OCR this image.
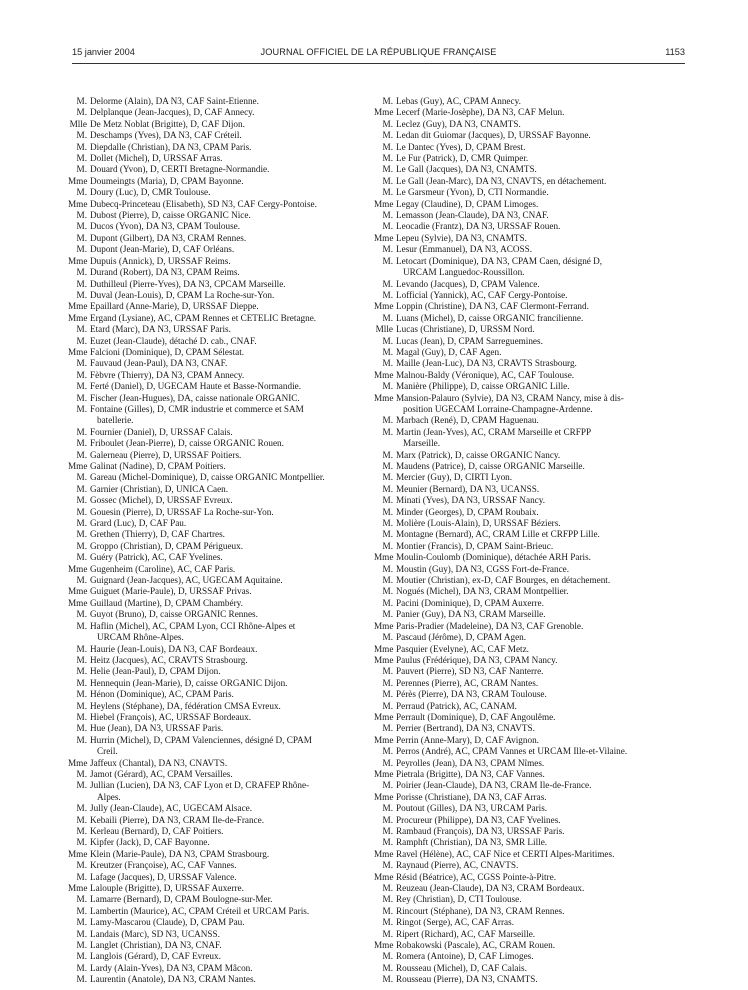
15 janvier 2004	JOURNAL OFFICIEL DE LA RÉPUBLIQUE FRANÇAISE	1153
M. Delorme (Alain), DA N3, CAF Saint-Etienne.
M. Delplanque (Jean-Jacques), D, CAF Annecy.
Mlle De Metz Noblat (Brigitte), D, CAF Dijon.
M. Deschamps (Yves), DA N3, CAF Créteil.
M. Diepdalle (Christian), DA N3, CPAM Paris.
M. Dollet (Michel), D, URSSAF Arras.
M. Douard (Yvon), D, CERTI Bretagne-Normandie.
Mme Doumeingts (Maria), D, CPAM Bayonne.
M. Doury (Luc), D, CMR Toulouse.
Mme Dubecq-Princeteau (Elisabeth), SD N3, CAF Cergy-Pontoise.
M. Dubost (Pierre), D, caisse ORGANIC Nice.
M. Ducos (Yvon), DA N3, CPAM Toulouse.
M. Dupont (Gilbert), DA N3, CRAM Rennes.
M. Dupont (Jean-Marie), D, CAF Orléans.
Mme Dupuis (Annick), D, URSSAF Reims.
M. Durand (Robert), DA N3, CPAM Reims.
M. Duthilleul (Pierre-Yves), DA N3, CPCAM Marseille.
M. Duval (Jean-Louis), D, CPAM La Roche-sur-Yon.
Mme Epaillard (Anne-Marie), D, URSSAF Dieppe.
Mme Ergand (Lysiane), AC, CPAM Rennes et CETELIC Bretagne.
M. Etard (Marc), DA N3, URSSAF Paris.
M. Euzet (Jean-Claude), détaché D. cab., CNAF.
Mme Falcioni (Dominique), D, CPAM Sélestat.
M. Fauvaud (Jean-Paul), DA N3, CNAF.
M. Fèbvre (Thierry), DA N3, CPAM Annecy.
M. Ferté (Daniel), D, UGECAM Haute et Basse-Normandie.
M. Fischer (Jean-Hugues), DA, caisse nationale ORGANIC.
M. Fontaine (Gilles), D, CMR industrie et commerce et SAM
batellerie.
M. Fournier (Daniel), D, URSSAF Calais.
M. Friboulet (Jean-Pierre), D, caisse ORGANIC Rouen.
M. Galerneau (Pierre), D, URSSAF Poitiers.
Mme Galinat (Nadine), D, CPAM Poitiers.
M. Gareau (Michel-Dominique), D, caisse ORGANIC Montpellier.
M. Garnier (Christian), D, UNICA Caen.
M. Gossec (Michel), D, URSSAF Evreux.
M. Gouesin (Pierre), D, URSSAF La Roche-sur-Yon.
M. Grard (Luc), D, CAF Pau.
M. Grethen (Thierry), D, CAF Chartres.
M. Groppo (Christian), D, CPAM Périgueux.
M. Guéry (Patrick), AC, CAF Yvelines.
Mme Gugenheim (Caroline), AC, CAF Paris.
M. Guignard (Jean-Jacques), AC, UGECAM Aquitaine.
Mme Guiguet (Marie-Paule), D, URSSAF Privas.
Mme Guillaud (Martine), D, CPAM Chambéry.
M. Guyot (Bruno), D, caisse ORGANIC Rennes.
M. Haflin (Michel), AC, CPAM Lyon, CCI Rhône-Alpes et
URCAM Rhône-Alpes.
M. Haurie (Jean-Louis), DA N3, CAF Bordeaux.
M. Heitz (Jacques), AC, CRAVTS Strasbourg.
M. Helie (Jean-Paul), D, CPAM Dijon.
M. Hennequin (Jean-Marie), D, caisse ORGANIC Dijon.
M. Hénon (Dominique), AC, CPAM Paris.
M. Heylens (Stéphane), DA, fédération CMSA Evreux.
M. Hiebel (François), AC, URSSAF Bordeaux.
M. Hue (Jean), DA N3, URSSAF Paris.
M. Hurrin (Michel), D, CPAM Valenciennes, désigné D, CPAM
Creil.
Mme Jaffeux (Chantal), DA N3, CNAVTS.
M. Jamot (Gérard), AC, CPAM Versailles.
M. Jullian (Lucien), DA N3, CAF Lyon et D, CRAFEP Rhône-
Alpes.
M. Jully (Jean-Claude), AC, UGECAM Alsace.
M. Kebaili (Pierre), DA N3, CRAM Ile-de-France.
M. Kerleau (Bernard), D, CAF Poitiers.
M. Kipfer (Jack), D, CAF Bayonne.
Mme Klein (Marie-Paule), DA N3, CPAM Strasbourg.
M. Kreutzer (Françoise), AC, CAF Vannes.
M. Lafage (Jacques), D, URSSAF Valence.
Mme Lalouple (Brigitte), D, URSSAF Auxerre.
M. Lamarre (Bernard), D, CPAM Boulogne-sur-Mer.
M. Lambertin (Maurice), AC, CPAM Créteil et URCAM Paris.
M. Lamy-Mascarou (Claude), D, CPAM Pau.
M. Landais (Marc), SD N3, UCANSS.
M. Langlet (Christian), DA N3, CNAF.
M. Langlois (Gérard), D, CAF Evreux.
M. Lardy (Alain-Yves), DA N3, CPAM Mâcon.
M. Laurentin (Anatole), DA N3, CRAM Nantes.
M. Lebas (Guy), AC, CPAM Annecy.
Mme Lecerf (Marie-Josèphe), DA N3, CAF Melun.
M. Leclez (Guy), DA N3, CNAMTS.
M. Ledan dit Guiomar (Jacques), D, URSSAF Bayonne.
M. Le Dantec (Yves), D, CPAM Brest.
M. Le Fur (Patrick), D, CMR Quimper.
M. Le Gall (Jacques), DA N3, CNAMTS.
M. Le Gall (Jean-Marc), DA N3, CNAVTS, en détachement.
M. Le Garsmeur (Yvon), D, CTI Normandie.
Mme Legay (Claudine), D, CPAM Limoges.
M. Lemasson (Jean-Claude), DA N3, CNAF.
M. Leocadie (Frantz), DA N3, URSSAF Rouen.
Mme Lepeu (Sylvie), DA N3, CNAMTS.
M. Lesur (Emmanuel), DA N3, ACOSS.
M. Letocart (Dominique), DA N3, CPAM Caen, désigné D,
URCAM Languedoc-Roussillon.
M. Levando (Jacques), D, CPAM Valence.
M. Lofficial (Yannick), AC, CAF Cergy-Pontoise.
Mme Loppin (Christine), DA N3, CAF Clermont-Ferrand.
M. Luans (Michel), D, caisse ORGANIC francilienne.
Mlle Lucas (Christiane), D, URSSM Nord.
M. Lucas (Jean), D, CPAM Sarreguemines.
M. Magal (Guy), D, CAF Agen.
M. Maille (Jean-Luc), DA N3, CRAVTS Strasbourg.
Mme Malnou-Baldy (Véronique), AC, CAF Toulouse.
M. Manière (Philippe), D, caisse ORGANIC Lille.
Mme Mansion-Palauro (Sylvie), DA N3, CRAM Nancy, mise à dis-
position UGECAM Lorraine-Champagne-Ardenne.
M. Marbach (René), D, CPAM Haguenau.
M. Martin (Jean-Yves), AC, CRAM Marseille et CRFPP
Marseille.
M. Marx (Patrick), D, caisse ORGANIC Nancy.
M. Maudens (Patrice), D, caisse ORGANIC Marseille.
M. Mercier (Guy), D, CIRTI Lyon.
M. Meunier (Bernard), DA N3, UCANSS.
M. Minati (Yves), DA N3, URSSAF Nancy.
M. Minder (Georges), D, CPAM Roubaix.
M. Molière (Louis-Alain), D, URSSAF Béziers.
M. Montagne (Bernard), AC, CRAM Lille et CRFPP Lille.
M. Montier (Francis), D, CPAM Saint-Brieuc.
Mme Moulin-Coulomb (Dominique), détachée ARH Paris.
M. Moustin (Guy), DA N3, CGSS Fort-de-France.
M. Moutier (Christian), ex-D, CAF Bourges, en détachement.
M. Nogués (Michel), DA N3, CRAM Montpellier.
M. Pacini (Dominique), D, CPAM Auxerre.
M. Panier (Guy), DA N3, CRAM Marseille.
Mme Paris-Pradier (Madeleine), DA N3, CAF Grenoble.
M. Pascaud (Jérôme), D, CPAM Agen.
Mme Pasquier (Evelyne), AC, CAF Metz.
Mme Paulus (Frédérique), DA N3, CPAM Nancy.
M. Pauvert (Pierre), SD N3, CAF Nanterre.
M. Perennes (Pierre), AC, CRAM Nantes.
M. Pérès (Pierre), DA N3, CRAM Toulouse.
M. Perraud (Patrick), AC, CANAM.
Mme Perrault (Dominique), D, CAF Angoulême.
M. Perrier (Bertrand), DA N3, CNAVTS.
Mme Perrin (Anne-Mary), D, CAF Avignon.
M. Perros (André), AC, CPAM Vannes et URCAM Ille-et-Vilaine.
M. Peyrolles (Jean), DA N3, CPAM Nîmes.
Mme Pietrala (Brigitte), DA N3, CAF Vannes.
M. Poirier (Jean-Claude), DA N3, CRAM Ile-de-France.
Mme Porisse (Christiane), DA N3, CAF Arras.
M. Poutout (Gilles), DA N3, URCAM Paris.
M. Procureur (Philippe), DA N3, CAF Yvelines.
M. Rambaud (François), DA N3, URSSAF Paris.
M. Ramphft (Christian), DA N3, SMR Lille.
Mme Ravel (Hélène), AC, CAF Nice et CERTI Alpes-Maritimes.
M. Raynaud (Pierre), AC, CNAVTS.
Mme Résid (Béatrice), AC, CGSS Pointe-à-Pitre.
M. Reuzeau (Jean-Claude), DA N3, CRAM Bordeaux.
M. Rey (Christian), D, CTI Toulouse.
M. Rincourt (Stéphane), DA N3, CRAM Rennes.
M. Ringot (Serge), AC, CAF Arras.
M. Ripert (Richard), AC, CAF Marseille.
Mme Robakowski (Pascale), AC, CRAM Rouen.
M. Romera (Antoine), D, CAF Limoges.
M. Rousseau (Michel), D, CAF Calais.
M. Rousseau (Pierre), DA N3, CNAMTS.
